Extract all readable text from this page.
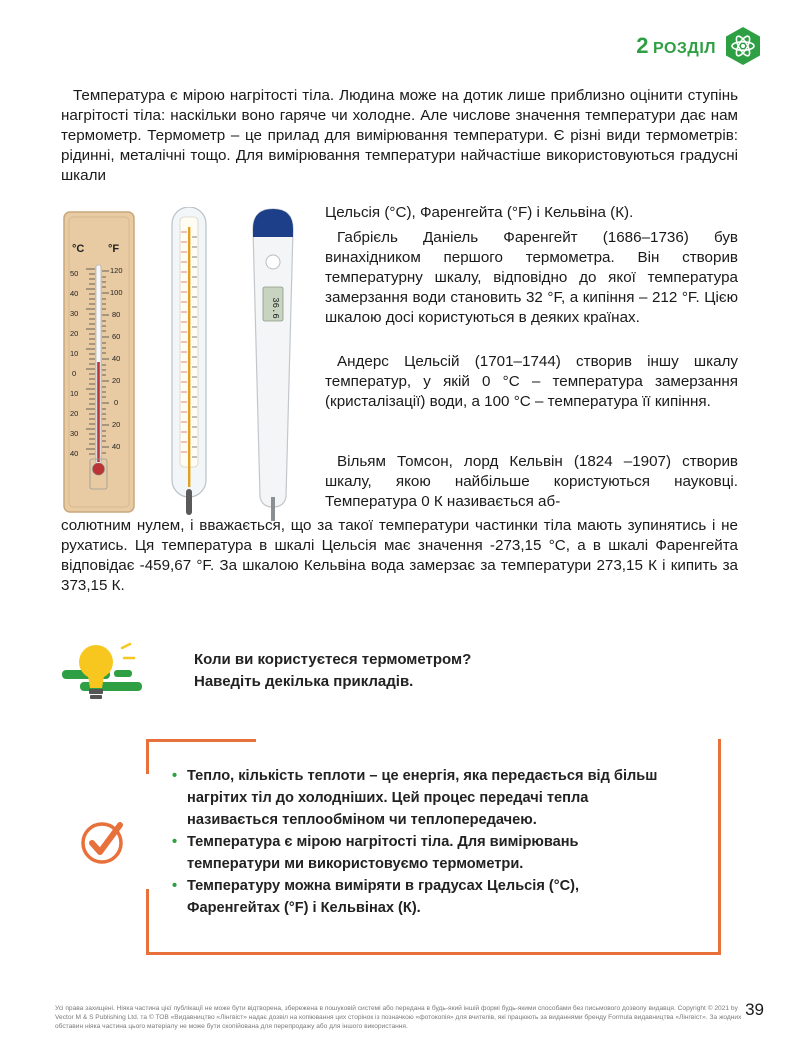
2 РОЗДІЛ

Температура є мірою нагрітості тіла. Людина може на дотик лише приблизно оцінити ступінь нагрітості тіла: наскільки воно гаряче чи холодне. Але числове значення температури дає нам термометр. Термометр – це прилад для вимірювання температури. Є різні види термометрів: рідинні, металічні тощо. Для вимірювання температури найчастіше використовуються градусні шкали

°C °F
50
40
30
20
10
0
10
20
30
40
120
100
80
60
40
20
0
20
40
36.6

Цельсія (°С), Фаренгейта (°F) і Кельвіна (К).

Габрієль Даніель Фаренгейт (1686–1736) був винахідником першого термометра. Він створив температурну шкалу, відповідно до якої температура замерзання води становить 32 °F, а кипіння – 212 °F. Цією шкалою досі користуються в деяких країнах.

Андерс Цельсій (1701–1744) створив іншу шкалу температур, у якій 0 °С – температура замерзання (кристалізації) води, а 100 °С – температура її кипіння.

Вільям Томсон, лорд Кельвін (1824 –1907) створив шкалу, якою найбільше користуються науковці. Температура 0 К називається аб-

солютним нулем, і вважається, що за такої температури частинки тіла мають зупинятись і не рухатись. Ця температура в шкалі Цельсія має значення -273,15 °С, а в шкалі Фаренгейта відповідає -459,67 °F. За шкалою Кельвіна вода замерзає за температури 273,15 К і кипить за 373,15 К.

Коли ви користуєтеся термометром?
Наведіть декілька прикладів.
• Тепло, кількість теплоти – це енергія, яка передається від більш нагрітих тіл до холодніших. Цей процес передачі тепла називається теплообміном чи теплопередачею.
• Температура є мірою нагрітості тіла. Для вимірювань температури ми використовуємо термометри.
• Температуру можна виміряти в градусах Цельсія (°С), Фаренгейтах (°F) і Кельвінах (К).
Усі права захищені. Ніяка частина цієї публікації не може бути відтворена, збережена в пошуковій системі або передана в будь-який іншій формі будь-якими способами без письмового дозволу видавця. Copyright © 2021 by Vector M & S Publishing Ltd. та © ТОВ «Видавництво «Лінгвіст» надає дозвіл на копіювання цих сторінок із позначкою «фотокопія» для вчителів, які працюють за виданнями бренду Formula видавництва «Лінгвіст». За жодних обставин ніяка частина цього матеріалу не може бути скопійована для перепродажу або для іншого використання.
39
